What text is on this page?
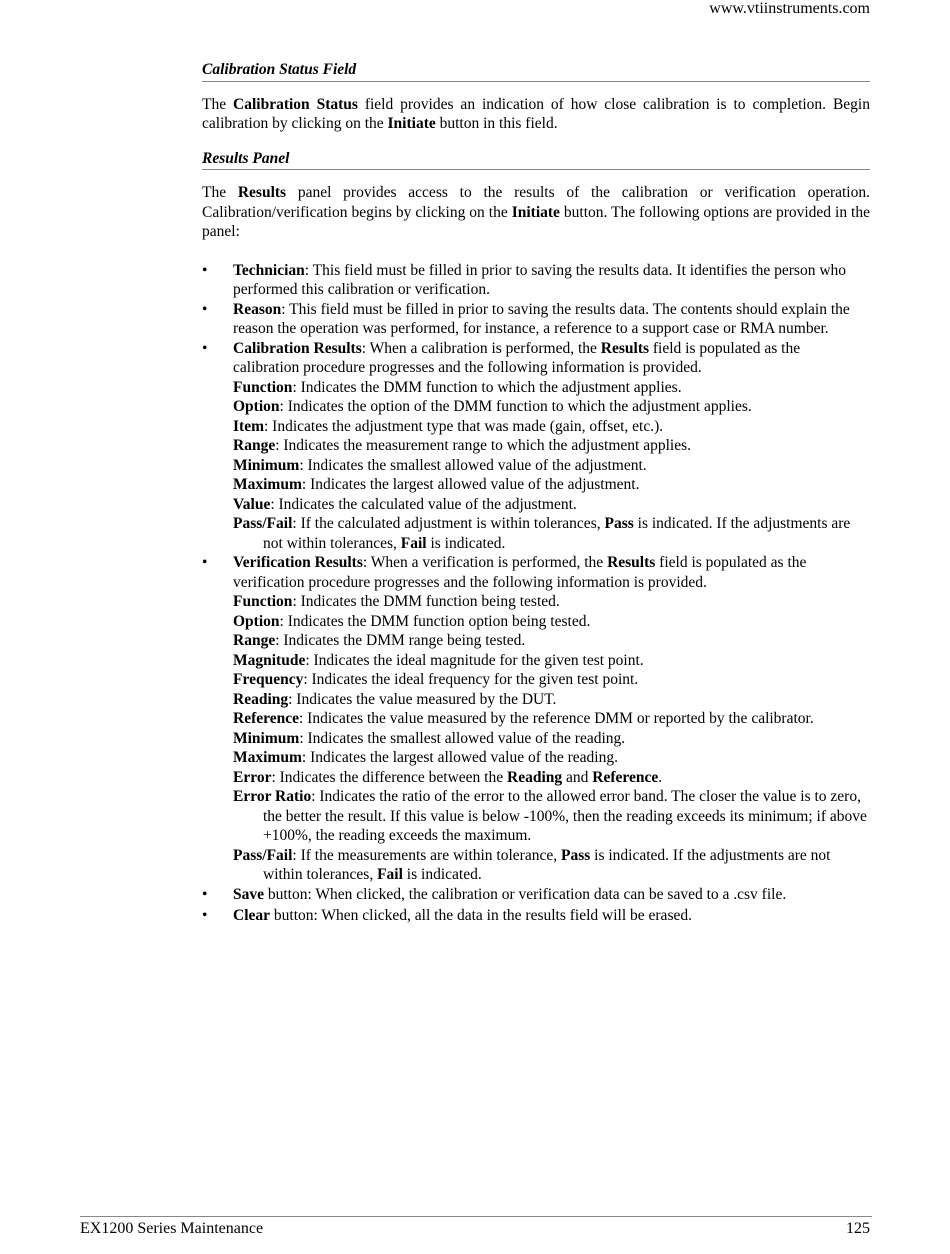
www.vtiinstruments.com
Calibration Status Field
The Calibration Status field provides an indication of how close calibration is to completion. Begin calibration by clicking on the Initiate button in this field.
Results Panel
The Results panel provides access to the results of the calibration or verification operation. Calibration/verification begins by clicking on the Initiate button. The following options are provided in the panel:
• Technician: This field must be filled in prior to saving the results data. It identifies the person who performed this calibration or verification.
• Reason: This field must be filled in prior to saving the results data. The contents should explain the reason the operation was performed, for instance, a reference to a support case or RMA number.
• Calibration Results: When a calibration is performed, the Results field is populated as the calibration procedure progresses and the following information is provided.
Function: Indicates the DMM function to which the adjustment applies.
Option: Indicates the option of the DMM function to which the adjustment applies.
Item: Indicates the adjustment type that was made (gain, offset, etc.).
Range: Indicates the measurement range to which the adjustment applies.
Minimum: Indicates the smallest allowed value of the adjustment.
Maximum: Indicates the largest allowed value of the adjustment.
Value: Indicates the calculated value of the adjustment.
Pass/Fail: If the calculated adjustment is within tolerances, Pass is indicated. If the adjustments are not within tolerances, Fail is indicated.
• Verification Results: When a verification is performed, the Results field is populated as the verification procedure progresses and the following information is provided.
Function: Indicates the DMM function being tested.
Option: Indicates the DMM function option being tested.
Range: Indicates the DMM range being tested.
Magnitude: Indicates the ideal magnitude for the given test point.
Frequency: Indicates the ideal frequency for the given test point.
Reading: Indicates the value measured by the DUT.
Reference: Indicates the value measured by the reference DMM or reported by the calibrator.
Minimum: Indicates the smallest allowed value of the reading.
Maximum: Indicates the largest allowed value of the reading.
Error: Indicates the difference between the Reading and Reference.
Error Ratio: Indicates the ratio of the error to the allowed error band. The closer the value is to zero, the better the result. If this value is below -100%, then the reading exceeds its minimum; if above +100%, the reading exceeds the maximum.
Pass/Fail: If the measurements are within tolerance, Pass is indicated. If the adjustments are not within tolerances, Fail is indicated.
• Save button: When clicked, the calibration or verification data can be saved to a .csv file.
• Clear button: When clicked, all the data in the results field will be erased.
EX1200 Series Maintenance	125
